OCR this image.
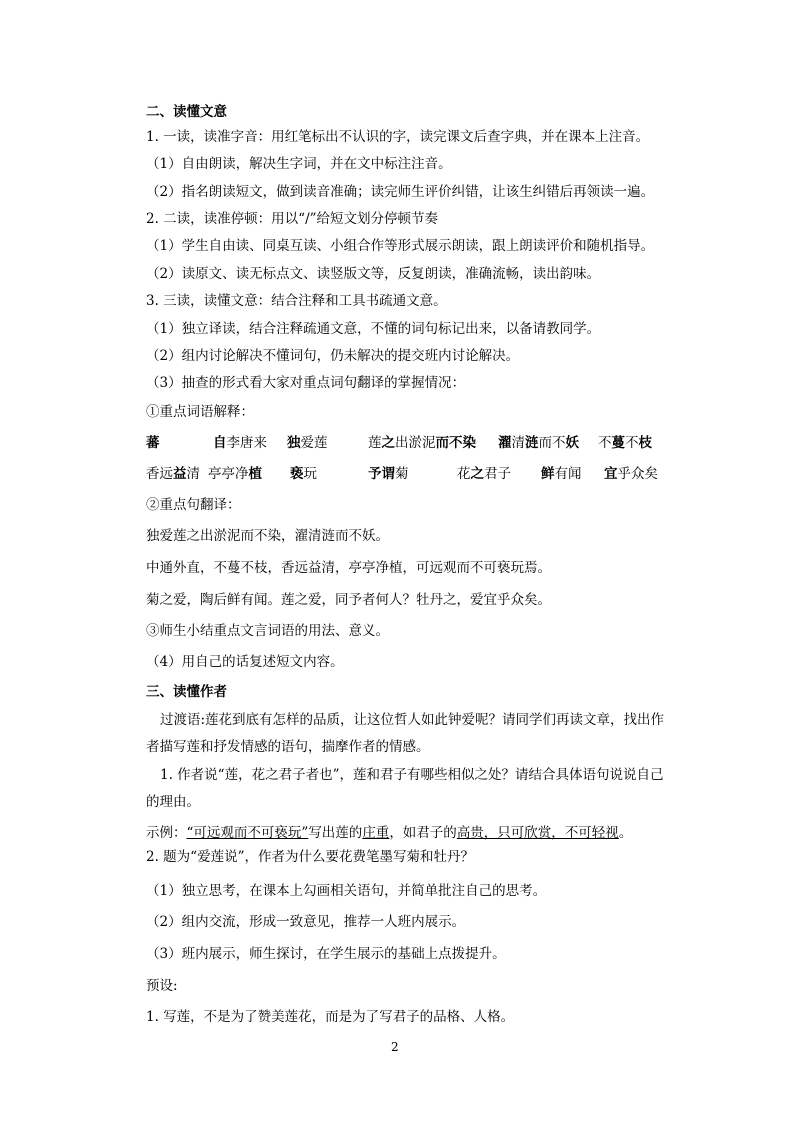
二、读懂文意
1. 一读，读准字音：用红笔标出不认识的字，读完课文后查字典，并在课本上注音。
（1）自由朗读，解决生字词，并在文中标注注音。
（2）指名朗读短文，做到读音准确；读完师生评价纠错，让该生纠错后再领读一遍。
2. 二读，读准停顿：用以“/”给短文划分停顿节奏
（1）学生自由读、同桌互读、小组合作等形式展示朗读，跟上朗读评价和随机指导。
（2）读原文、读无标点文、读竖版文等，反复朗读，准确流畅，读出韵味。
3. 三读，读懂文意：结合注释和工具书疏通文意。
（1）独立译读，结合注释疏通文意，不懂的词句标记出来，以备请教同学。
（2）组内讨论解决不懂词句，仍未解决的提交班内讨论解决。
（3）抽查的形式看大家对重点词句翻译的掌握情况：
①重点词语解释：
蕃	自李唐来 独爱莲	莲之出淤泥而不染 濯清涟而不妖 不蔓不枝
香远益清 亭亭净植 亵玩	予谓菊	花之君子 鲜有闻 宜乎众矣
②重点句翻译：
独爱莲之出淤泥而不染，濯清涟而不妖。
中通外直，不蔓不枝，香远益清，亭亭净植，可远观而不可亵玩焉。
菊之爱，陶后鲜有闻。莲之爱，同予者何人？牡丹之，爱宜乎众矣。
③师生小结重点文言词语的用法、意义。
（4）用自己的话复述短文内容。
三、读懂作者
过渡语:莲花到底有怎样的品质，让这位哲人如此钟爱呢？请同学们再读文章，找出作
者描写莲和抒发情感的语句，揣摩作者的情感。
1. 作者说“莲，花之君子者也”，莲和君子有哪些相似之处？请结合具体语句说说自己
的理由。
示例：“可远观而不可亵玩”写出莲的庄重，如君子的高贵，只可欣赏，不可轻视。
2. 题为“爱莲说”，作者为什么要花费笔墨写菊和牡丹？
（1）独立思考，在课本上勾画相关语句，并简单批注自己的思考。
（2）组内交流，形成一致意见，推荐一人班内展示。
（3）班内展示，师生探讨，在学生展示的基础上点拨提升。
预设:
1. 写莲，不是为了赞美莲花，而是为了写君子的品格、人格。
2
